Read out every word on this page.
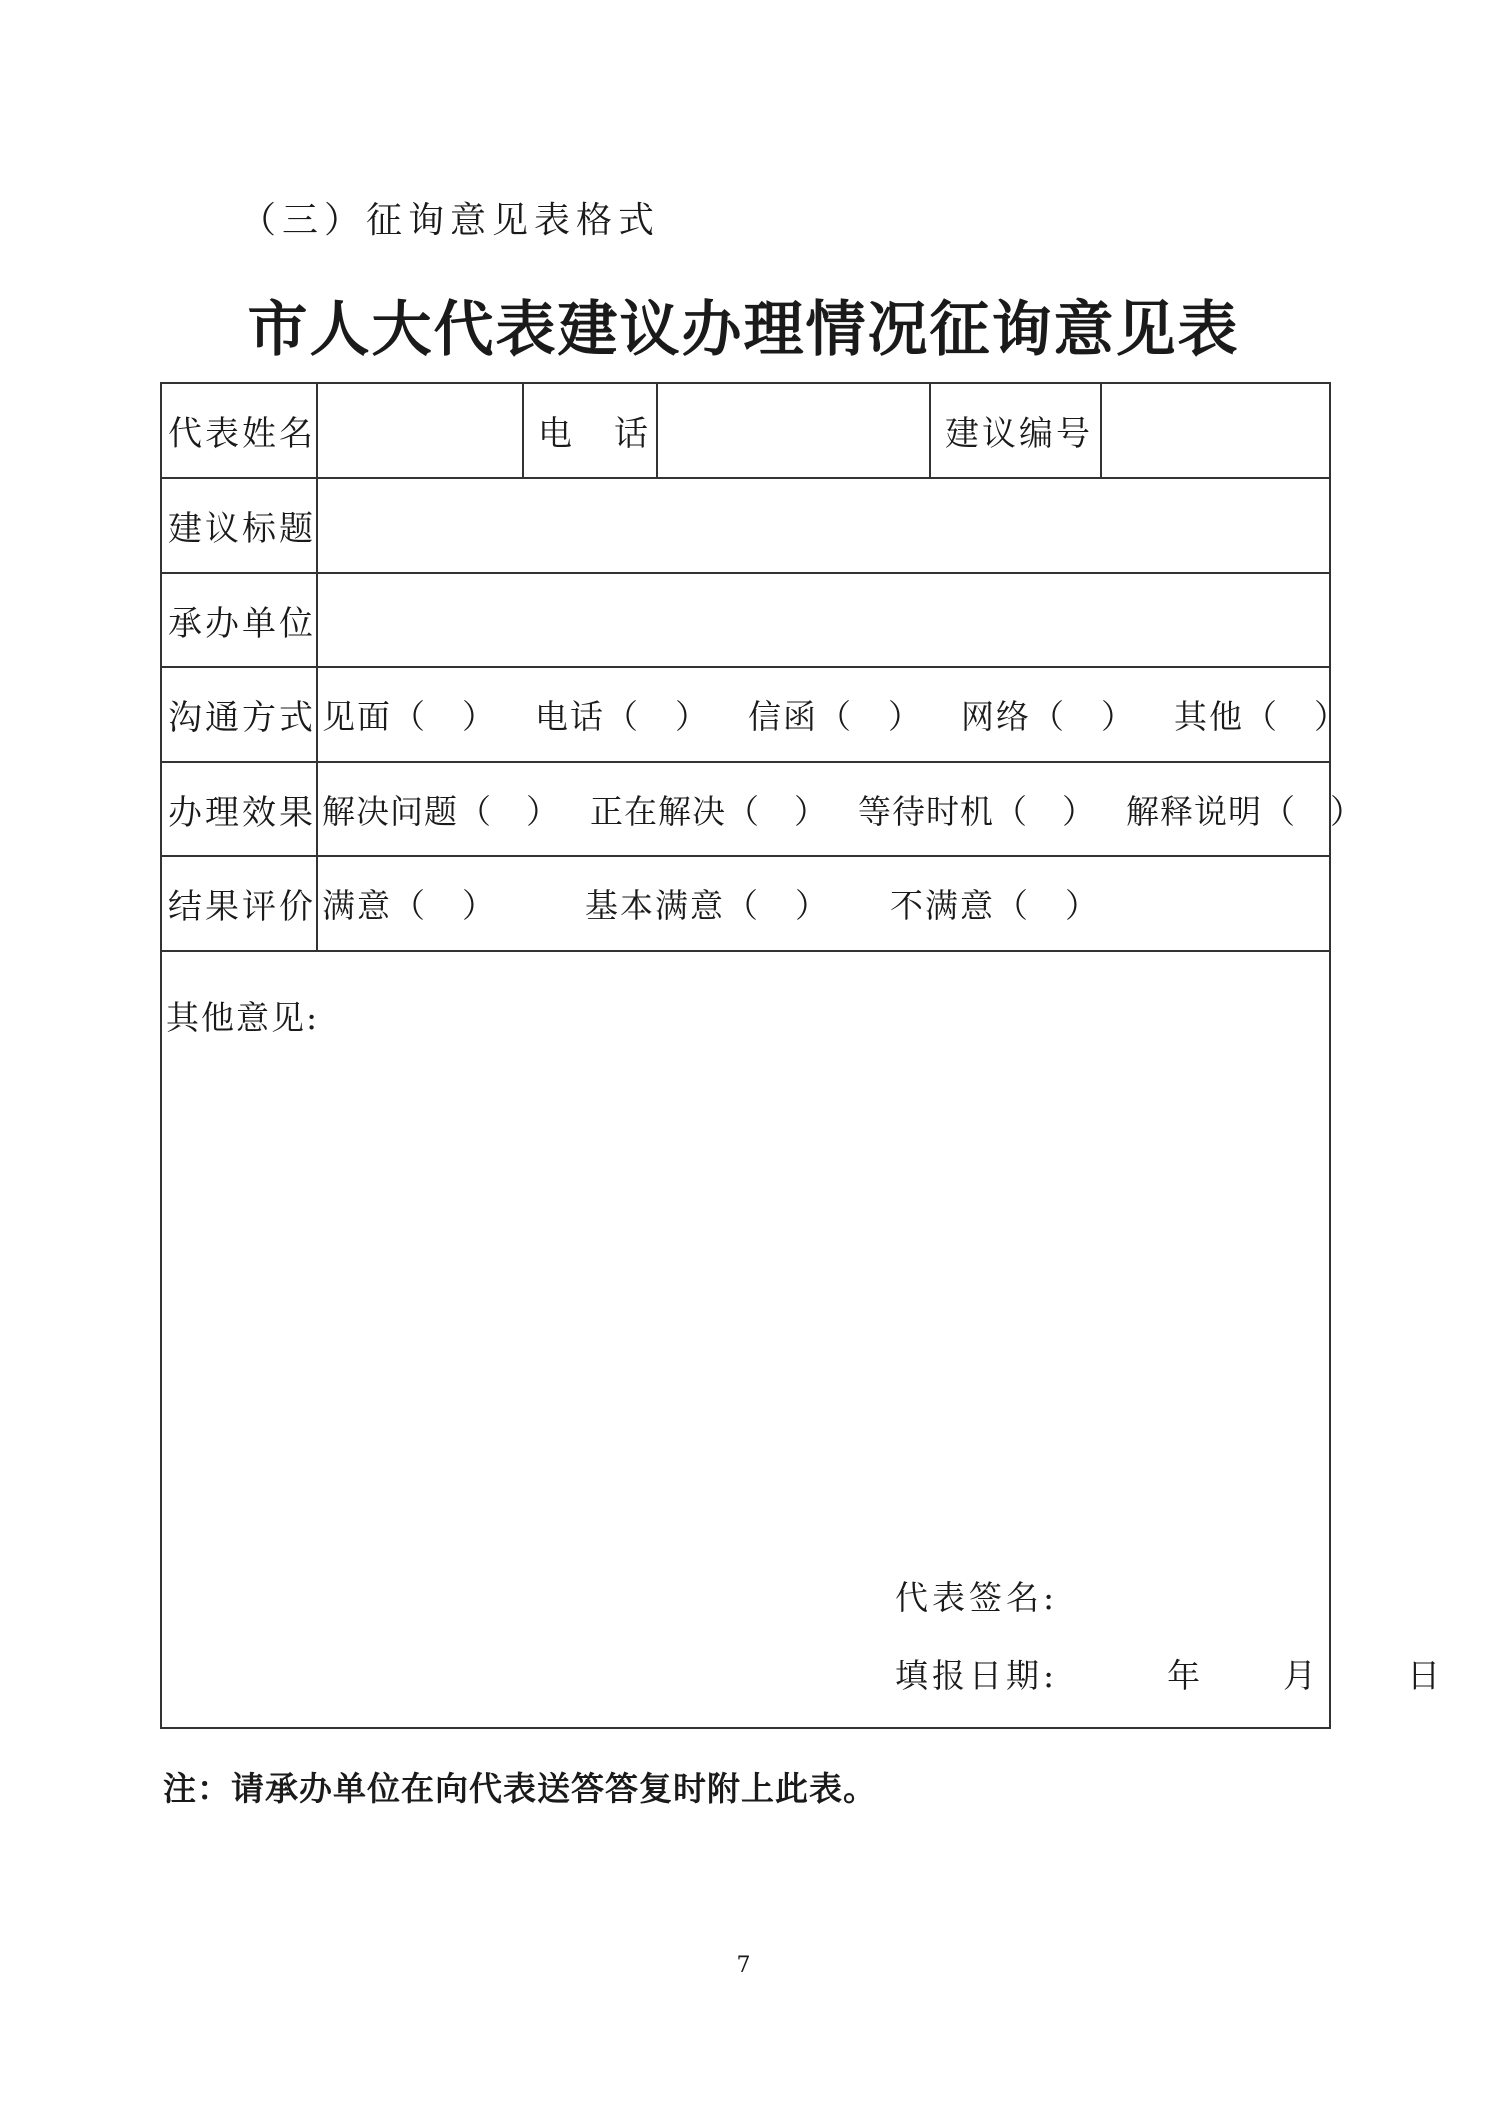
（三）征询意见表格式
市人大代表建议办理情况征询意见表
代表姓名	电　话	建议编号
建议标题
承办单位
沟通方式 见面（　） 电话（　） 信函（　） 网络（　） 其他（　）
办理效果 解决问题（　） 正在解决（　） 等待时机（　） 解释说明（　）
结果评价 满意（　）	基本满意（　） 不满意（　）
其他意见:
代表签名:
填报日期:	年 月	日
注：请承办单位在向代表送答答复时附上此表。
7
